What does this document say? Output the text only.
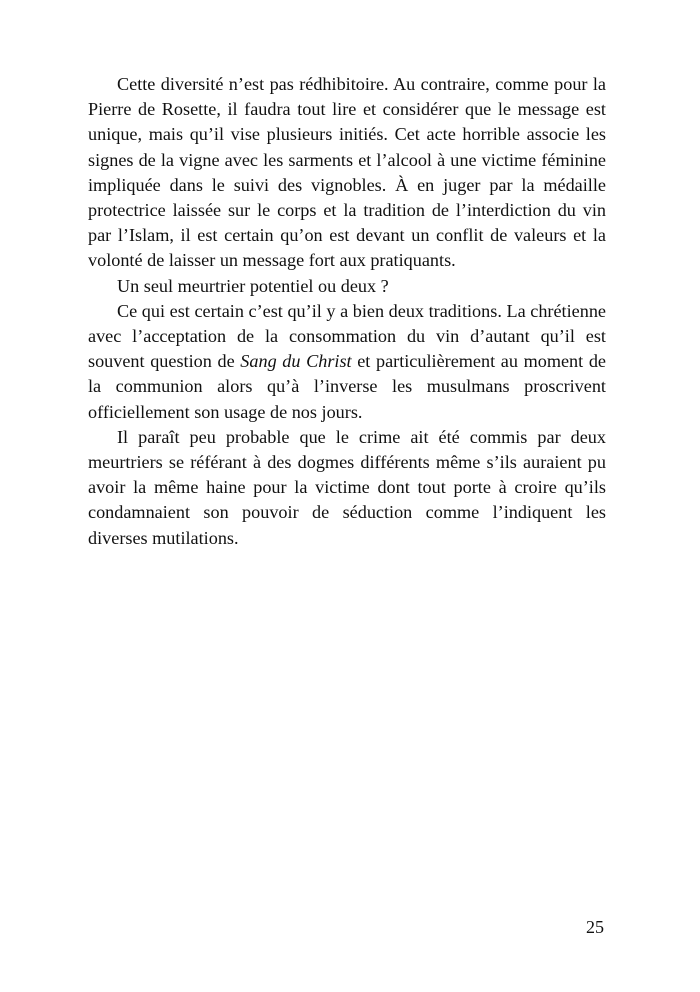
Cette diversité n’est pas rédhibitoire. Au contraire, comme pour la Pierre de Rosette, il faudra tout lire et considérer que le message est unique, mais qu’il vise plusieurs initiés. Cet acte horrible associe les signes de la vigne avec les sarments et l’alcool à une victime féminine impliquée dans le suivi des vignobles. À en juger par la médaille protectrice laissée sur le corps et la tradition de l’interdiction du vin par l’Islam, il est certain qu’on est devant un conflit de valeurs et la volonté de laisser un message fort aux pratiquants.

Un seul meurtrier potentiel ou deux ?

Ce qui est certain c’est qu’il y a bien deux traditions. La chrétienne avec l’acceptation de la consommation du vin d’autant qu’il est souvent question de Sang du Christ et particulièrement au moment de la communion alors qu’à l’inverse les musulmans proscrivent officiellement son usage de nos jours.

Il paraît peu probable que le crime ait été commis par deux meurtriers se référant à des dogmes différents même s’ils auraient pu avoir la même haine pour la victime dont tout porte à croire qu’ils condamnaient son pouvoir de séduction comme l’indiquent les diverses mutilations.

25
